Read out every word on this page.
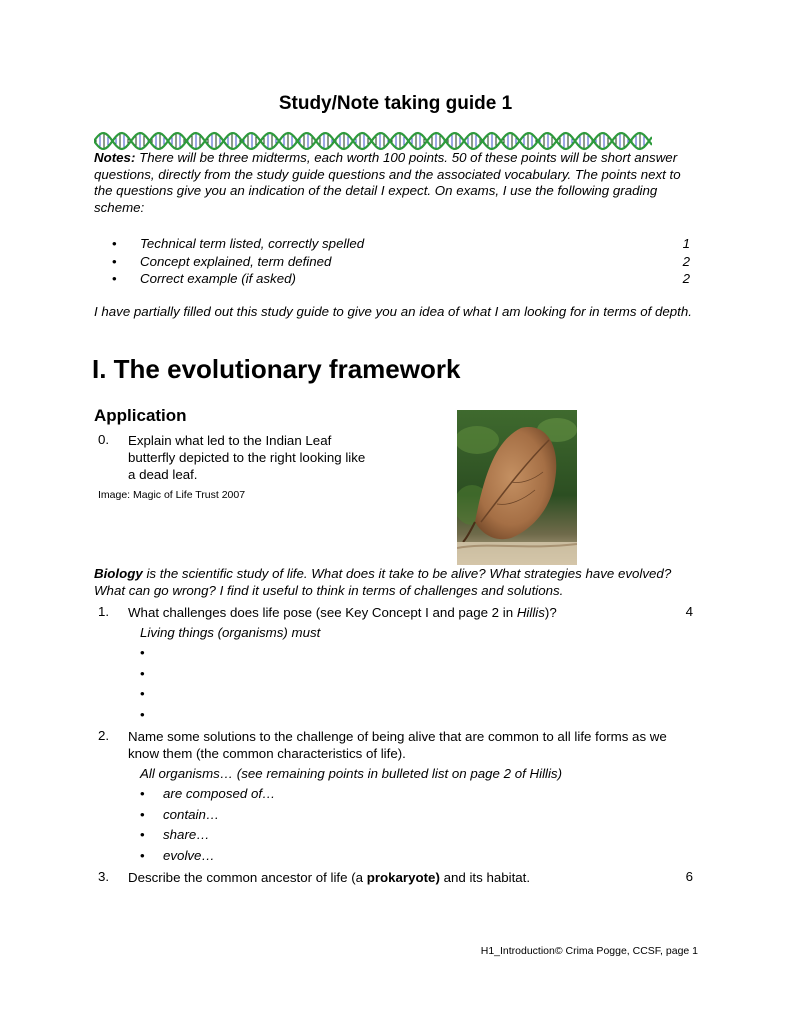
Study/Note taking guide 1
Notes: There will be three midterms, each worth 100 points. 50 of these points will be short answer questions, directly from the study guide questions and the associated vocabulary. The points next to the questions give you an indication of the detail I expect. On exams, I use the following grading scheme:
• Technical term listed, correctly spelled	1
• Concept explained, term defined	2
• Correct example (if asked)	2
I have partially filled out this study guide to give you an idea of what I am looking for in terms of depth.
I. The evolutionary framework
Application
0. Explain what led to the Indian Leaf butterfly depicted to the right looking like a dead leaf.
Image: Magic of Life Trust 2007
Biology is the scientific study of life. What does it take to be alive? What strategies have evolved? What can go wrong? I find it useful to think in terms of challenges and solutions.
1. What challenges does life pose (see Key Concept I and page 2 in Hillis)?	4
Living things (organisms) must
•
•
•
•
2. Name some solutions to the challenge of being alive that are common to all life forms as we know them (the common characteristics of life).
All organisms… (see remaining points in bulleted list on page 2 of Hillis)
• are composed of…
• contain…
• share…
• evolve…
3. Describe the common ancestor of life (a prokaryote) and its habitat.	6
H1_Introduction© Crima Pogge, CCSF, page 1
